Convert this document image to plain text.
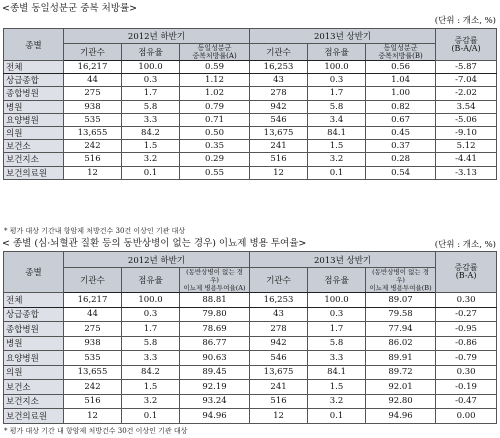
<종별 동일성분군 중복 처방률>
(단위 : 개소, %)
종별	2012년 하반기			2013년 상반기			증감률
(B-A/A)
	기관수	점유율	동일성분군
중복처방률(A)	기관수	점유율	동일성분군
중복처방률(B)	
전체	16,217	100.0	0.59	16,253	100.0	0.56	-5.87
상급종합	44	0.3	1.12	43	0.3	1.04	-7.04
종합병원	275	1.7	1.02	278	1.7	1.00	-2.02
병원	938	5.8	0.79	942	5.8	0.82	3.54
요양병원	535	3.3	0.71	546	3.4	0.67	-5.06
의원	13,655	84.2	0.50	13,675	84.1	0.45	-9.10
보건소	242	1.5	0.35	241	1.5	0.37	5.12
보건지소	516	3.2	0.29	516	3.2	0.28	-4.41
보건의료원	12	0.1	0.55	12	0.1	0.54	-3.13
* 평가 대상 기간내 항암제 처방건수 30건 이상인 기관 대상
< 종별 (심·뇌혈관 질환 등의 동반상병이 없는 경우) 이뇨제 병용 투여율>	(단위 : 개소, %)
종별	2012년 하반기			2013년 상반기			증감률
(B-A)
	기관수	점유율	(동반상병이 없는 경우)
이뇨제 병용투여율(A)	기관수	점유율	(동반상병이 없는 경우)
이뇨제 병용투여율(B)	
전체	16,217	100.0	88.81	16,253	100.0	89.07	0.30
상급종합	44	0.3	79.80	43	0.3	79.58	-0.27
종합병원	275	1.7	78.69	278	1.7	77.94	-0.95
병원	938	5.8	86.77	942	5.8	86.02	-0.86
요양병원	535	3.3	90.63	546	3.3	89.91	-0.79
의원	13,655	84.2	89.45	13,675	84.1	89.72	0.30
보건소	242	1.5	92.19	241	1.5	92.01	-0.19
보건지소	516	3.2	93.24	516	3.2	92.80	-0.47
보건의료원	12	0.1	94.96	12	0.1	94.96	0.00
* 평가 대상 기간 내 항암제 처방건수 30건 이상인 기관 대상
